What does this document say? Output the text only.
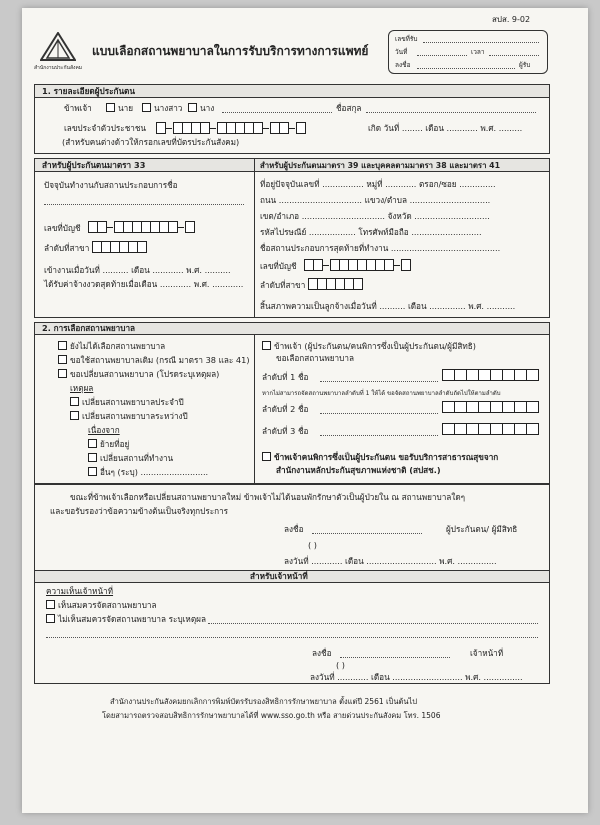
สำนักงานประกันสังคม
แบบเลือกสถานพยาบาลในการรับบริการทางการแพทย์
สปส. 9-02
เลขที่รับ
วันที่	เวลา
ลงชื่อ	ผู้รับ
1. รายละเอียดผู้ประกันตน
ข้าพเจ้า	นาย	นางสาว	นาง	ชื่อสกุล
เลขประจำตัวประชาชน	เกิด วันที่ ........ เดือน ............ พ.ศ. .........
(สำหรับคนต่างด้าวให้กรอกเลขที่บัตรประกันสังคม)
สำหรับผู้ประกันตนมาตรา 33	สำหรับผู้ประกันตนมาตรา 39 และบุคคลตามมาตรา 38 และมาตรา 41
ปัจจุบันทำงานกับสถานประกอบการชื่อ
เลขที่บัญชี
ลำดับที่สาขา
เข้างานเมื่อวันที่ .......... เดือน ............ พ.ศ. ..........
ได้รับค่าจ้างงวดสุดท้ายเมื่อเดือน ............ พ.ศ. ............
ที่อยู่ปัจจุบันเลขที่ ................ หมู่ที่ ............ ตรอก/ซอย ..............
ถนน ................................ แขวง/ตำบล ...............................
เขต/อำเภอ ................................ จังหวัด .............................
รหัสไปรษณีย์ .................. โทรศัพท์มือถือ ...........................
ชื่อสถานประกอบการสุดท้ายที่ทำงาน ..........................................
เลขที่บัญชี
ลำดับที่สาขา
สิ้นสภาพความเป็นลูกจ้างเมื่อวันที่ .......... เดือน .............. พ.ศ. ...........
2. การเลือกสถานพยาบาล
ยังไม่ได้เลือกสถานพยาบาล
ขอใช้สถานพยาบาลเดิม (กรณี มาตรา 38 และ 41)
ขอเปลี่ยนสถานพยาบาล (โปรดระบุเหตุผล)
เหตุผล
เปลี่ยนสถานพยาบาลประจำปี
เปลี่ยนสถานพยาบาลระหว่างปี
เนื่องจาก
ย้ายที่อยู่
เปลี่ยนสถานที่ทำงาน
อื่นๆ (ระบุ) ..........................
ข้าพเจ้า (ผู้ประกันตน/คนพิการซึ่งเป็นผู้ประกันตน/ผู้มีสิทธิ)
ขอเลือกสถานพยาบาล
ลำดับที่ 1 ชื่อ
หากไม่สามารถจัดสถานพยาบาลลำดับที่ 1 ให้ได้ ขอจัดสถานพยาบาลลำดับถัดไปให้ตามลำดับ
ลำดับที่ 2 ชื่อ
ลำดับที่ 3 ชื่อ
ข้าพเจ้าคนพิการซึ่งเป็นผู้ประกันตน ขอรับบริการสาธารณสุขจาก
สำนักงานหลักประกันสุขภาพแห่งชาติ (สปสช.)
ขณะที่ข้าพเจ้าเลือกหรือเปลี่ยนสถานพยาบาลใหม่ ข้าพเจ้าไม่ได้นอนพักรักษาตัวเป็นผู้ป่วยใน ณ สถานพยาบาลใดๆ
และขอรับรองว่าข้อความข้างต้นเป็นจริงทุกประการ
ลงชื่อ	ผู้ประกันตน/ ผู้มีสิทธิ
( )
ลงวันที่ ............ เดือน ........................... พ.ศ. ...............
สำหรับเจ้าหน้าที่
ความเห็นเจ้าหน้าที่
เห็นสมควรจัดสถานพยาบาล
ไม่เห็นสมควรจัดสถานพยาบาล ระบุเหตุผล
ลงชื่อ	เจ้าหน้าที่
( )
ลงวันที่ ............ เดือน ........................... พ.ศ. ...............
สำนักงานประกันสังคมยกเลิกการพิมพ์บัตรรับรองสิทธิการรักษาพยาบาล ตั้งแต่ปี 2561 เป็นต้นไป
โดยสามารถตรวจสอบสิทธิการรักษาพยาบาลได้ที่ www.sso.go.th หรือ สายด่วนประกันสังคม โทร. 1506
